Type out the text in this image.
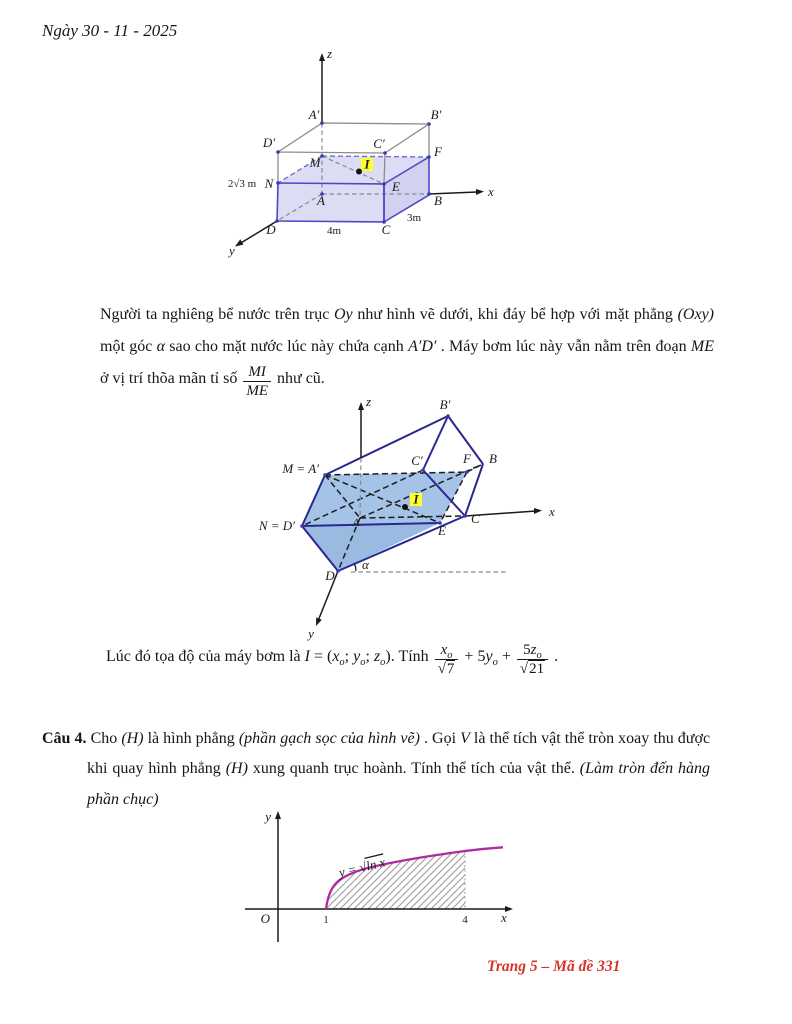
Ngày 30 - 11 - 2025
I
z
x
y
A′	B′
C′
D′
M
N	E
F
A	B
C
D
2√3 m
4m
3m
Người ta nghiêng bể nước trên trục Oy như hình vẽ dưới, khi đáy bể hợp với mặt phẳng (Oxy) một góc α sao cho mặt nước lúc này chứa cạnh A′D′ . Máy bơm lúc này vẫn nằm trên đoạn ME ở vị trí thõa mãn tỉ số $\frac{MI}{ME}$ như cũ.
I
z
x
y
B′
M = A′
C′	F B
N = D′	C
E
D
A
α
Lúc đó tọa độ của máy bơm là $I = (x_o$; $y_o$; $z_o$). Tính $\frac{x_o}{√7} + 5y_o + \frac{5z_o}{√21}$ .
Câu 4. Cho (H) là hình phẳng (phần gạch sọc của hình vẽ) . Gọi V là thể tích vật thể tròn xoay thu được khi quay hình phẳng (H) xung quanh trục hoành. Tính thể tích của vật thể. (Làm tròn đến hàng phần chục)
y = √ln x
y
x
O	1	4
Trang 5 – Mã đề 331
